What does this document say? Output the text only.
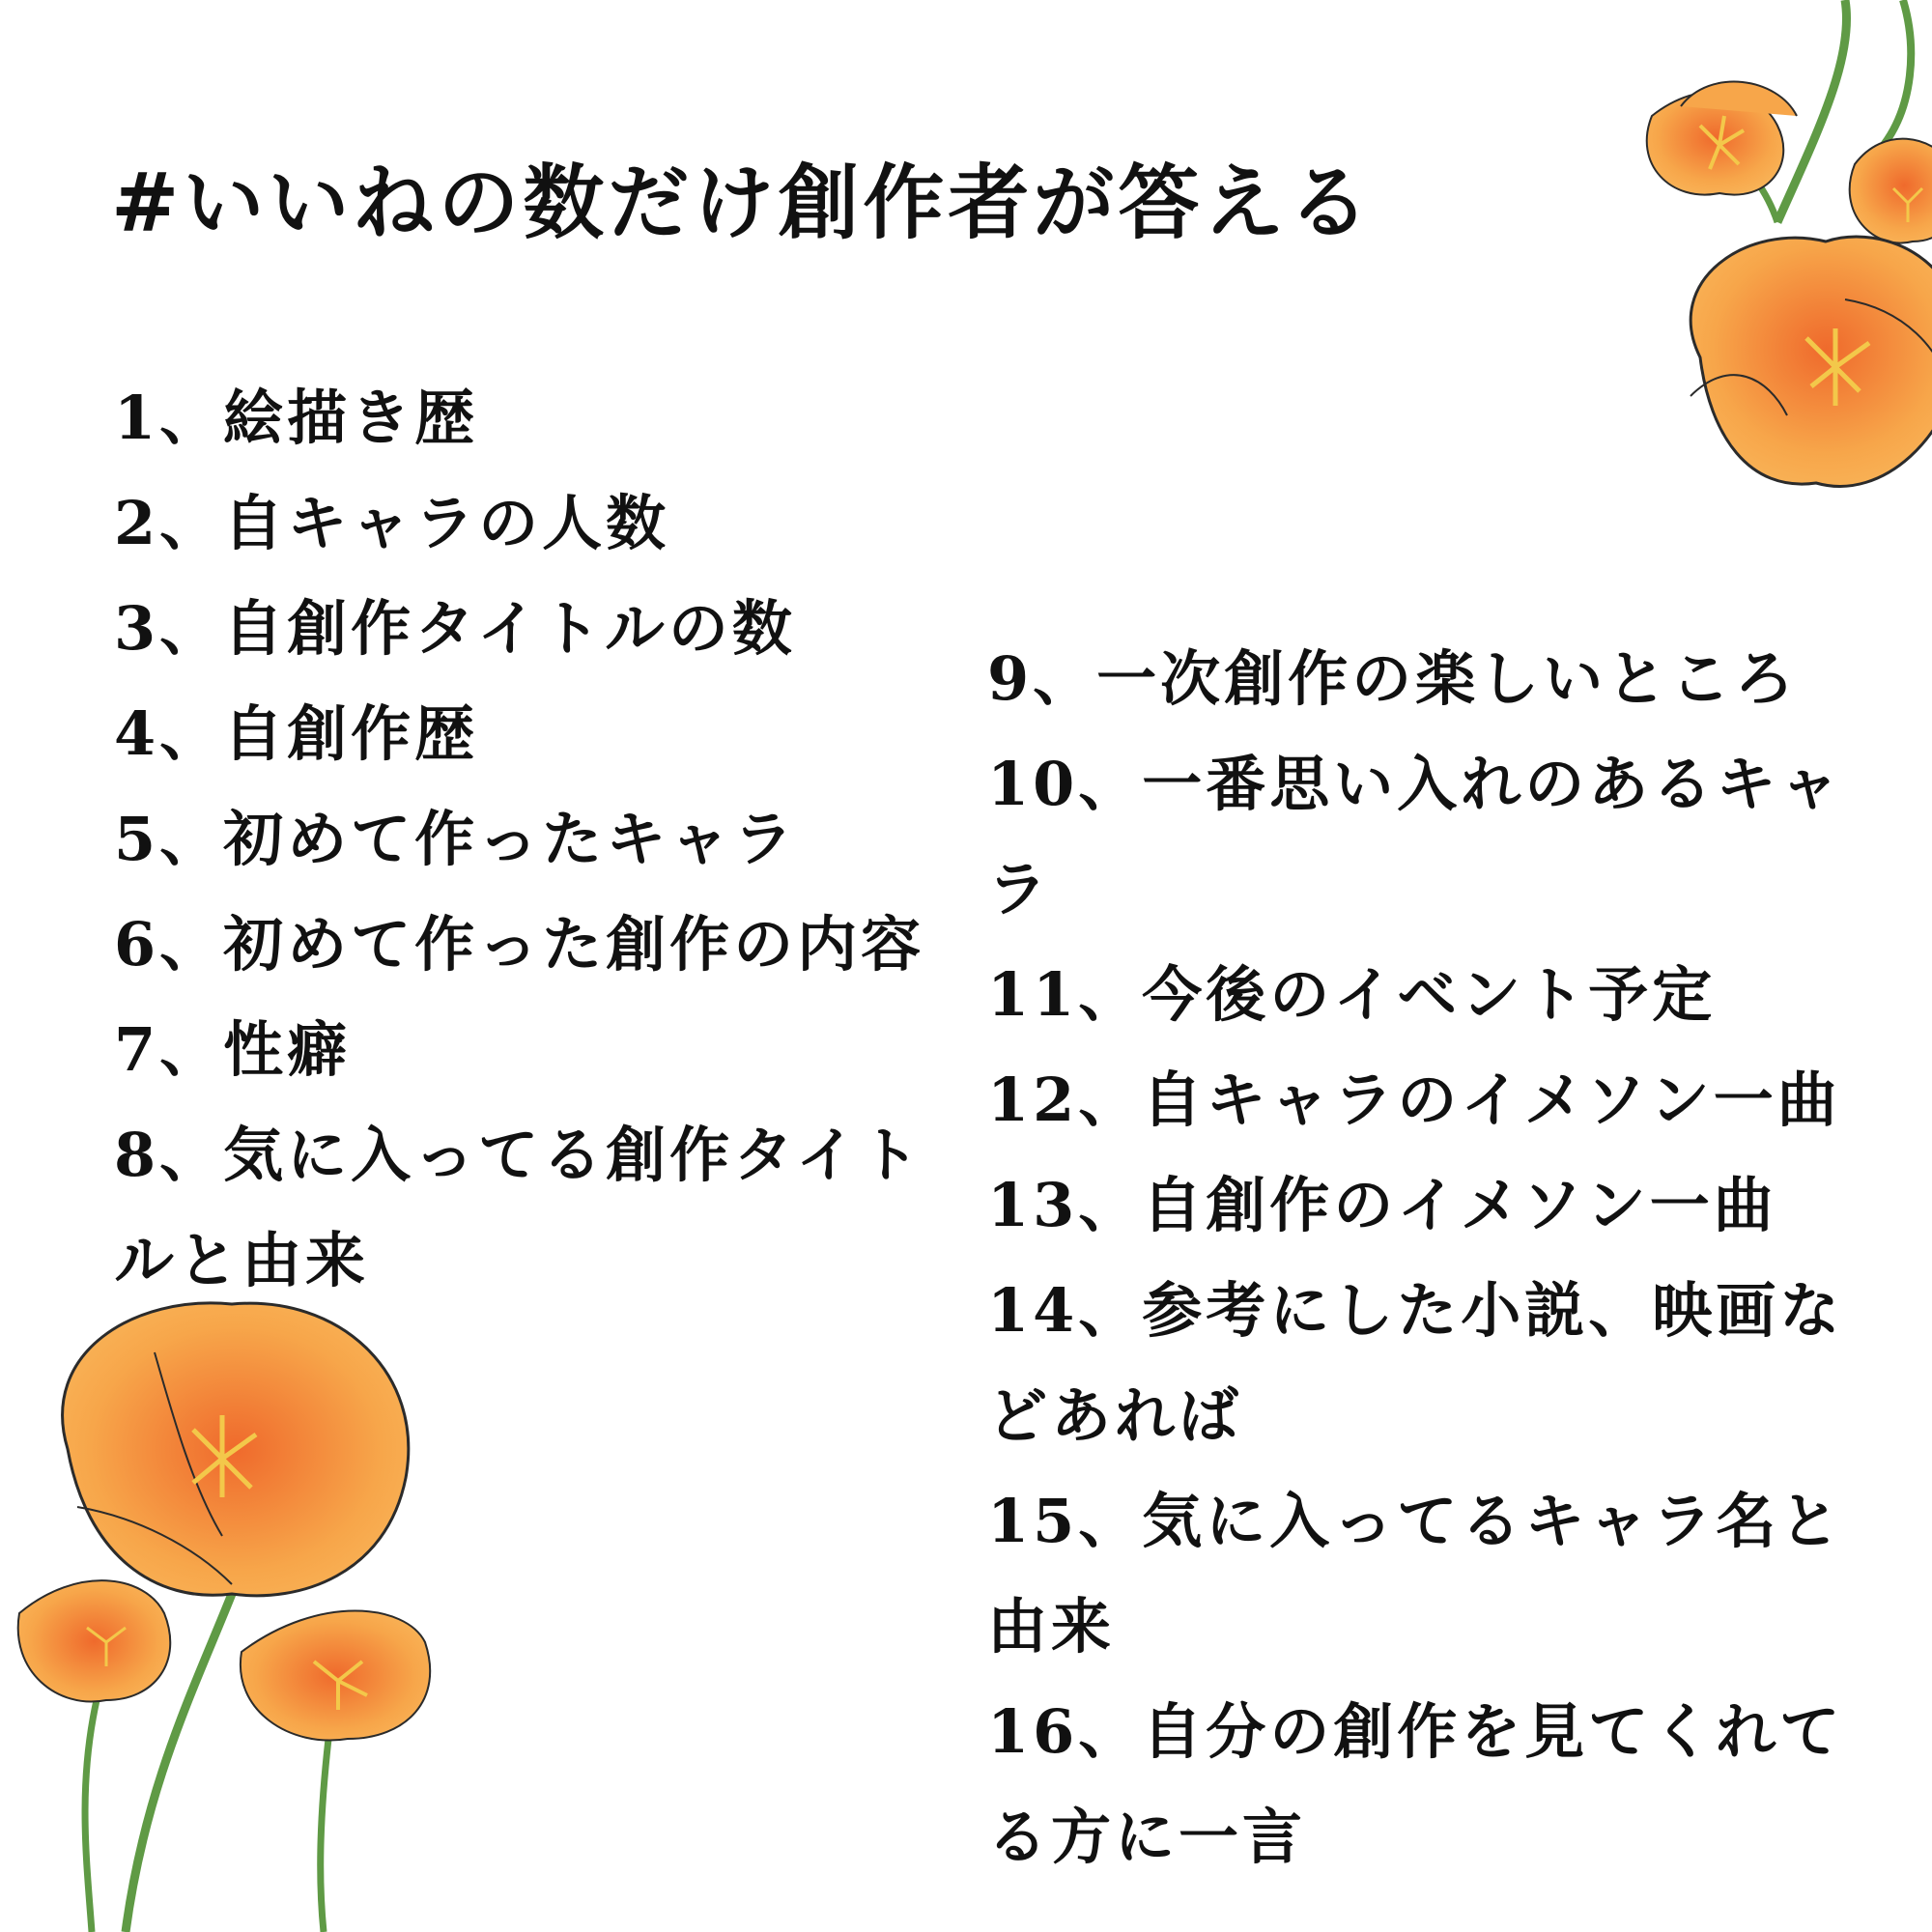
#いいねの数だけ創作者が答える
1、絵描き歴
2、自キャラの人数
3、自創作タイトルの数
4、自創作歴
5、初めて作ったキャラ
6、初めて作った創作の内容
7、性癖
8、気に入ってる創作タイトルと由来
9、一次創作の楽しいところ
10、一番思い入れのあるキャラ
11、今後のイベント予定
12、自キャラのイメソン一曲
13、自創作のイメソン一曲
14、参考にした小説、映画などあれば
15、気に入ってるキャラ名と由来
16、自分の創作を見てくれてる方に一言
